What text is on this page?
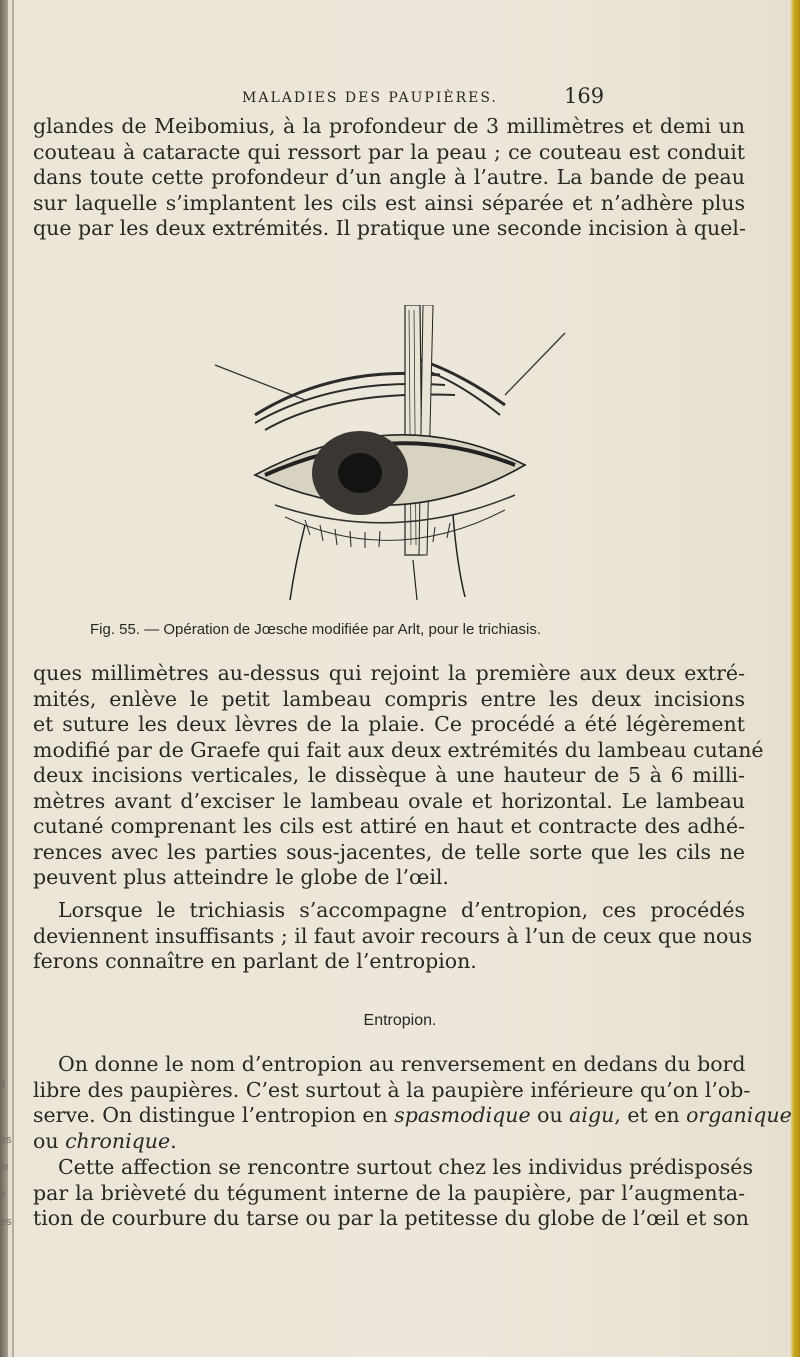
il
es
le
ti
es
MALADIES DES PAUPIÈRES.	169
glandes de Meibomius, à la profondeur de 3 millimètres et demi un
couteau à cataracte qui ressort par la peau ; ce couteau est conduit
dans toute cette profondeur d’un angle à l’autre. La bande de peau
sur laquelle s’implantent les cils est ainsi séparée et n’adhère plus
que par les deux extrémités. Il pratique une seconde incision à quel-
Fig. 55. — Opération de Jœsche modifiée par Arlt, pour le trichiasis.
ques millimètres au-dessus qui rejoint la première aux deux extré-
mités, enlève le petit lambeau compris entre les deux incisions
et suture les deux lèvres de la plaie. Ce procédé a été légèrement
modifié par de Graefe qui fait aux deux extrémités du lambeau cutané
deux incisions verticales, le dissèque à une hauteur de 5 à 6 milli-
mètres avant d’exciser le lambeau ovale et horizontal. Le lambeau
cutané comprenant les cils est attiré en haut et contracte des adhé-
rences avec les parties sous-jacentes, de telle sorte que les cils ne
peuvent plus atteindre le globe de l’œil.
Lorsque le trichiasis s’accompagne d’entropion, ces procédés
deviennent insuffisants ; il faut avoir recours à l’un de ceux que nous
ferons connaître en parlant de l’entropion.
Entropion.
On donne le nom d’entropion au renversement en dedans du bord
libre des paupières. C’est surtout à la paupière inférieure qu’on l’ob-
serve. On distingue l’entropion en spasmodique ou aigu, et en organique
ou chronique.
Cette affection se rencontre surtout chez les individus prédisposés
par la brièveté du tégument interne de la paupière, par l’augmenta-
tion de courbure du tarse ou par la petitesse du globe de l’œil et son
